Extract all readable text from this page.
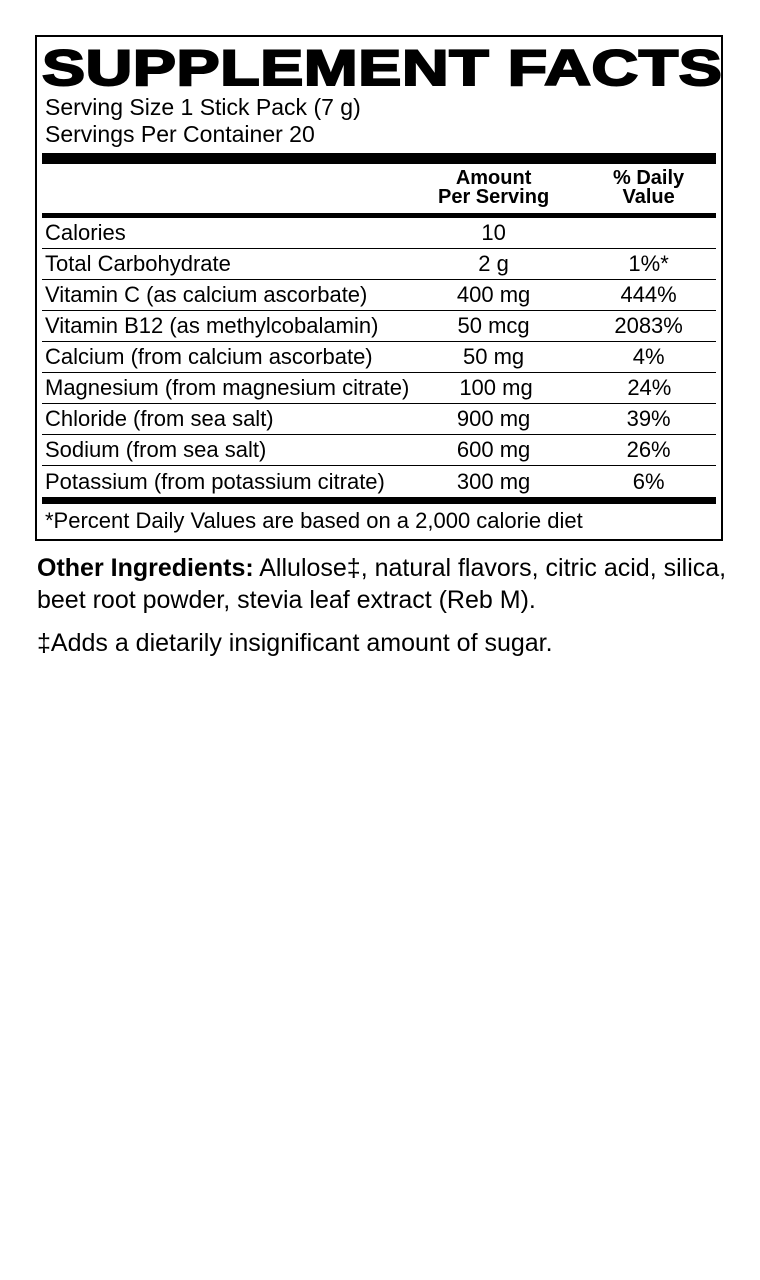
SUPPLEMENT FACTS
Serving Size 1 Stick Pack (7 g)
Servings Per Container 20
Amount
Per Serving
% Daily
Value
Calories	10
Total Carbohydrate	2 g	1%*
Vitamin C (as calcium ascorbate)	400 mg	444%
Vitamin B12 (as methylcobalamin)	50 mcg	2083%
Calcium (from calcium ascorbate)	50 mg	4%
Magnesium (from magnesium citrate)	100 mg	24%
Chloride (from sea salt)	900 mg	39%
Sodium (from sea salt)	600 mg	26%
Potassium (from potassium citrate)	300 mg	6%
*Percent Daily Values are based on a 2,000 calorie diet

Other Ingredients: Allulose‡, natural flavors, citric acid, silica, beet root powder, stevia leaf extract (Reb M).

‡Adds a dietarily insignificant amount of sugar.
